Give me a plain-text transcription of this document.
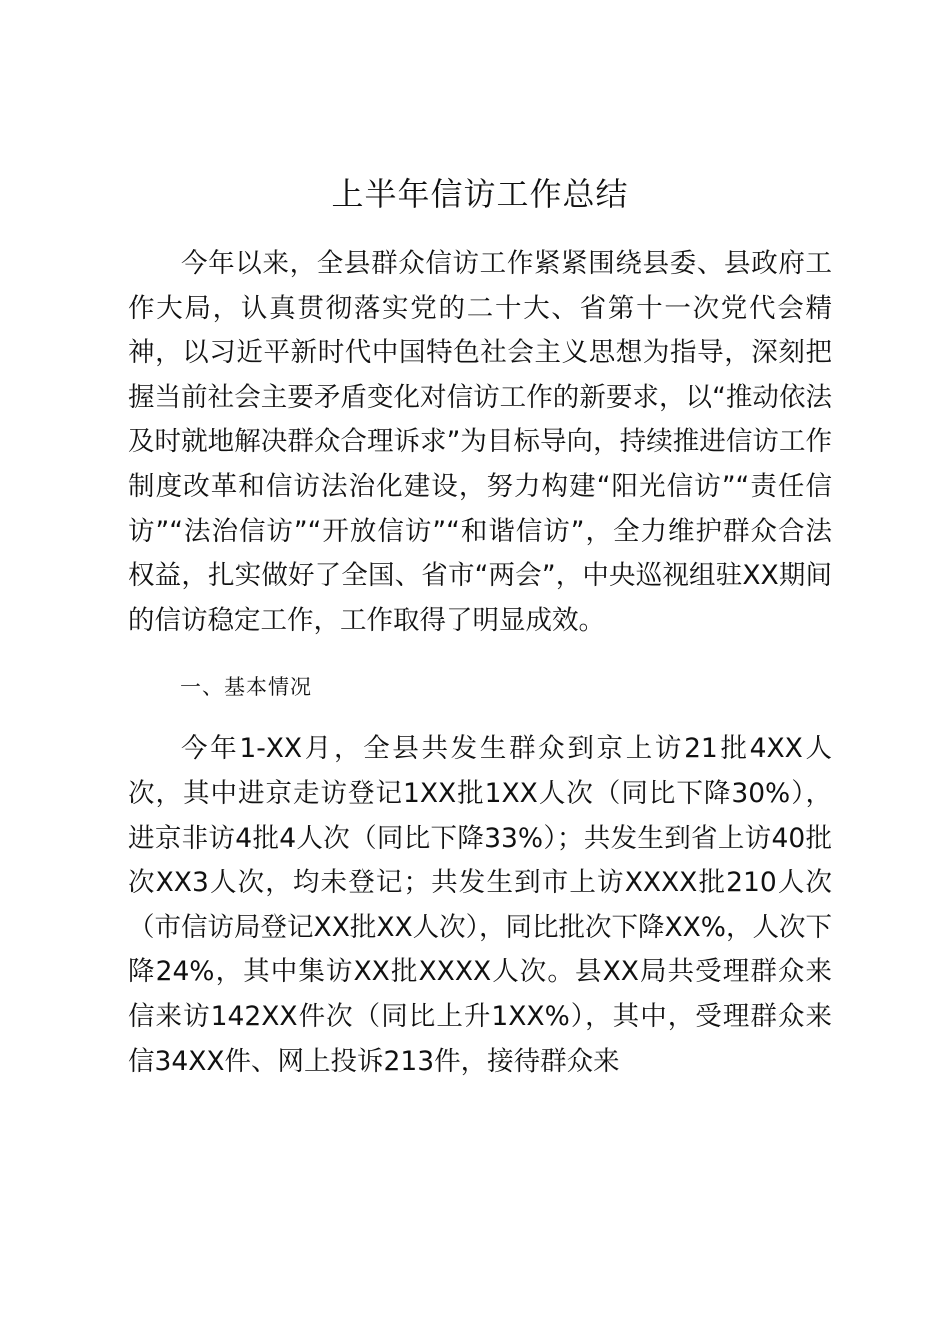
上半年信访工作总结

今年以来，全县群众信访工作紧紧围绕县委、县政府工作大局，认真贯彻落实党的二十大、省第十一次党代会精神，以习近平新时代中国特色社会主义思想为指导，深刻把握当前社会主要矛盾变化对信访工作的新要求，以“推动依法及时就地解决群众合理诉求”为目标导向，持续推进信访工作制度改革和信访法治化建设，努力构建“阳光信访”“责任信访”“法治信访”“开放信访”“和谐信访”，全力维护群众合法权益，扎实做好了全国、省市“两会”，中央巡视组驻XX期间的信访稳定工作，工作取得了明显成效。

一、基本情况

今年1-XX月，全县共发生群众到京上访21批4XX人次，其中进京走访登记1XX批1XX人次（同比下降30%），进京非访4批4人次（同比下降33%）；共发生到省上访40批次XX3人次，均未登记；共发生到市上访XXXX批210人次（市信访局登记XX批XX人次），同比批次下降XX%，人次下降24%，其中集访XX批XXXX人次。县XX局共受理群众来信来访142XX件次（同比上升1XX%），其中，受理群众来信34XX件、网上投诉213件，接待群众来
